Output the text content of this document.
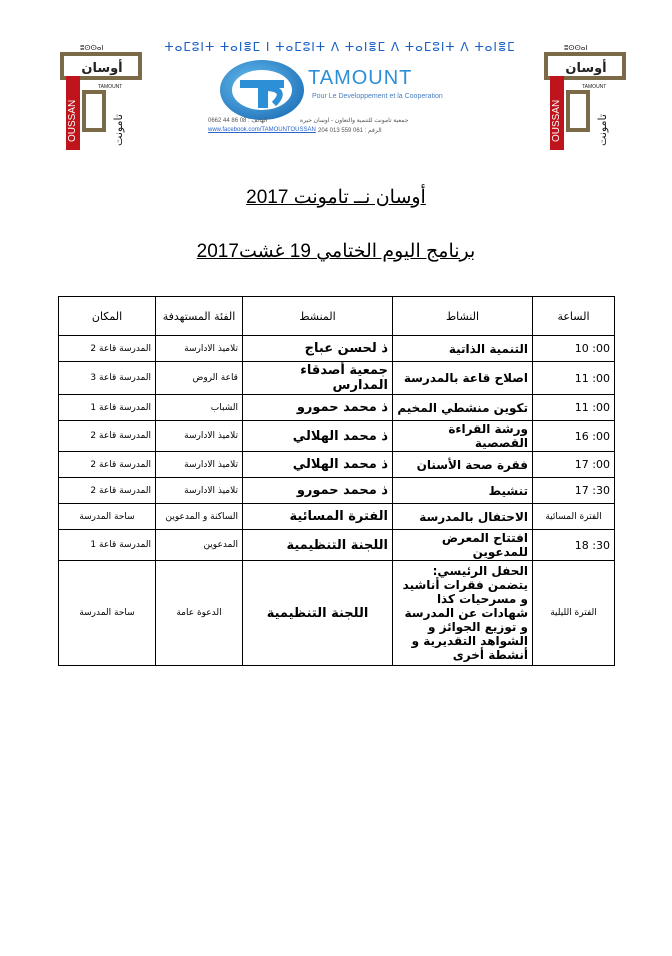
ⵜⴰⵎⵓⵏⵜ ⵜⴰⵏⴻⵎ ⵏ ⵜⴰⵎⵓⵏⵜ ⴷ ⵜⴰⵏⴻⵎ ⴷ ⵜⴰⵎⵓⵏⵜ ⴷ ⵜⴰⵏⴻⵎ
ⵓⵙⵙⴰⵏ
أوسان
OUSSAN
TAMOUNT
تامونت
ⵓⵙⵙⴰⵏ
أوسان
OUSSAN
TAMOUNT
تامونت
TAMOUNT
Pour Le Developpement et la Cooperation
جمعية تامونت للتنمية والتعاون - اوسان حيرة
0662 44 86 08 : الهاتف
www.facebook.com/TAMOUNTOUSSAN 204 013 559 061 : الرقم
أوسان نــ تامونت 2017
برنامج اليوم الختامي 19 غشت2017
الساعة	النشاط	المنشط	الفئة المستهدفة	المكان
00: 10	التنمية الذاتية	ذ لحسن عباج	تلاميذ الادارسة	المدرسة قاعة 2
00: 11	اصلاح قاعة بالمدرسة	جمعية أصدقاء المدارس	قاعة الروض	المدرسة قاعة 3
00: 11	تكوين منشطي المخيم	ذ محمد حمورو	الشباب	المدرسة قاعة 1
00: 16	ورشة القراءة القصصية	ذ محمد الهلالي	تلاميذ الادارسة	المدرسة قاعة 2
00: 17	فقرة صحة الأسنان	ذ محمد الهلالي	تلاميذ الادارسة	المدرسة قاعة 2
30: 17	تنشيط	ذ محمد حمورو	تلاميذ الادارسة	المدرسة قاعة 2
الفترة المسائية	الاحتفال بالمدرسة	الفترة المسائية	الساكنة و المدعوين	ساحة المدرسة
30: 18	افتتاح المعرض للمدعوين	اللجنة التنظيمية	المدعوين	المدرسة قاعة 1
الفترة الليلية	الحفل الرئيسي: يتضمن فقرات أناشيد و مسرحيات كذا شهادات عن المدرسة و توزيع الجوائز و الشواهد التقديرية و أنشطة أخرى	اللجنة التنظيمية	الدعوة عامة	ساحة المدرسة
